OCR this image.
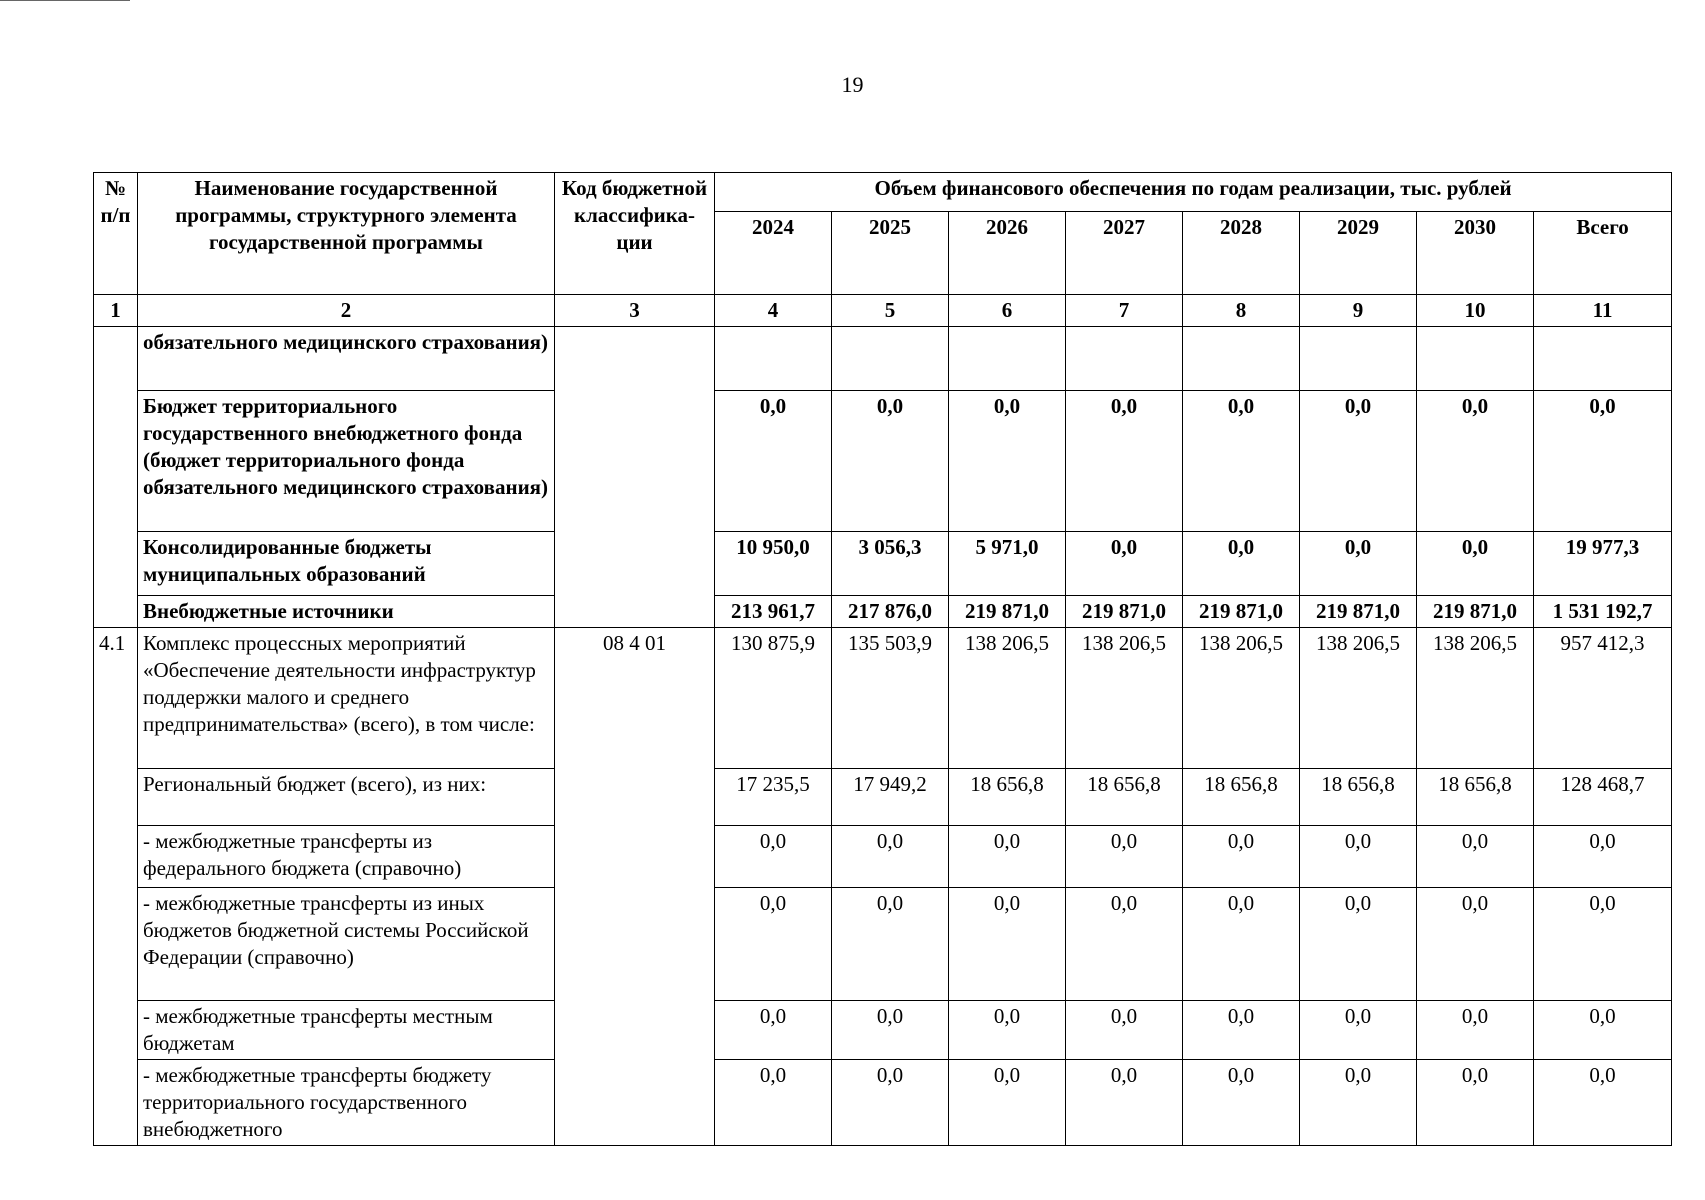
19
№ п/п	Наименование государственной программы, структурного элемента государственной программы	Код бюджетной классифика-ции	Объем финансового обеспечения по годам реализации, тыс. рублей							
			2024	2025	2026	2027	2028	2029	2030	Всего
1	2	3	4	5	6	7	8	9	10	11
	обязательного медицинского страхования)									
	Бюджет территориального государственного внебюджетного фонда (бюджет территориального фонда обязательного медицинского страхования)		0,0	0,0	0,0	0,0	0,0	0,0	0,0	0,0
	Консолидированные бюджеты муниципальных образований		10 950,0	3 056,3	5 971,0	0,0	0,0	0,0	0,0	19 977,3
	Внебюджетные источники		213 961,7	217 876,0	219 871,0	219 871,0	219 871,0	219 871,0	219 871,0	1 531 192,7
4.1	Комплекс процессных мероприятий «Обеспечение деятельности инфраструктур поддержки малого и среднего предпринимательства» (всего), в том числе:	08 4 01	130 875,9	135 503,9	138 206,5	138 206,5	138 206,5	138 206,5	138 206,5	957 412,3
	Региональный бюджет (всего), из них:		17 235,5	17 949,2	18 656,8	18 656,8	18 656,8	18 656,8	18 656,8	128 468,7
	- межбюджетные трансферты из федерального бюджета (справочно)		0,0	0,0	0,0	0,0	0,0	0,0	0,0	0,0
	- межбюджетные трансферты из иных бюджетов бюджетной системы Российской Федерации (справочно)		0,0	0,0	0,0	0,0	0,0	0,0	0,0	0,0
	- межбюджетные трансферты местным бюджетам		0,0	0,0	0,0	0,0	0,0	0,0	0,0	0,0
	- межбюджетные трансферты бюджету территориального государственного внебюджетного		0,0	0,0	0,0	0,0	0,0	0,0	0,0	0,0
